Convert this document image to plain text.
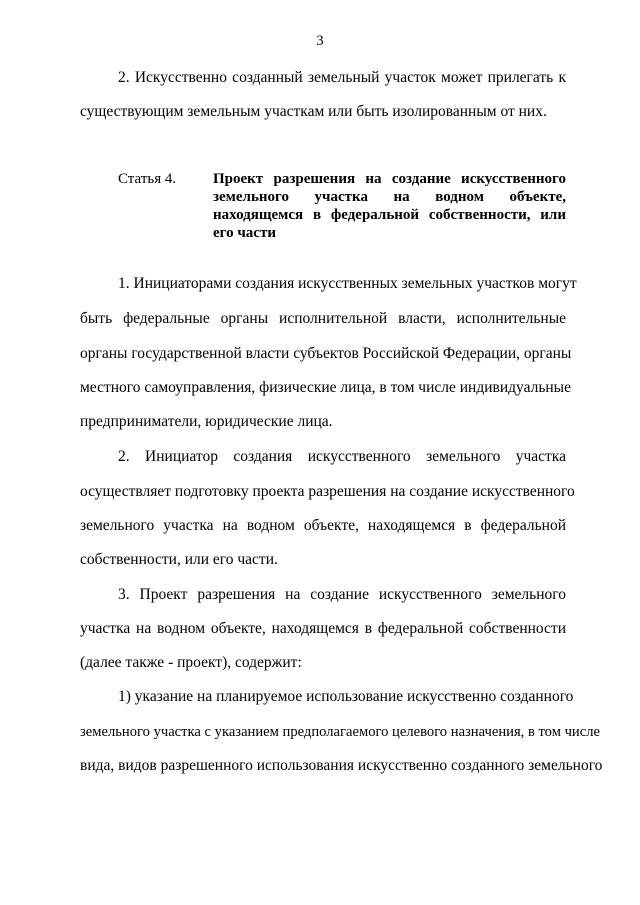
3
2. Искусственно созданный земельный участок может прилегать к
существующим земельным участкам или быть изолированным от них.
Статья 4. Проект разрешения на создание искусственного
земельного участка на водном объекте,
находящемся в федеральной собственности, или
его части
1. Инициаторами создания искусственных земельных участков могут
быть федеральные органы исполнительной власти, исполнительные
органы государственной власти субъектов Российской Федерации, органы
местного самоуправления, физические лица, в том числе индивидуальные
предприниматели, юридические лица.
2. Инициатор создания искусственного земельного участка
осуществляет подготовку проекта разрешения на создание искусственного
земельного участка на водном объекте, находящемся в федеральной
собственности, или его части.
3. Проект разрешения на создание искусственного земельного
участка на водном объекте, находящемся в федеральной собственности
(далее также - проект), содержит:
1) указание на планируемое использование искусственно созданного
земельного участка с указанием предполагаемого целевого назначения, в том числе
вида, видов разрешенного использования искусственно созданного земельного
